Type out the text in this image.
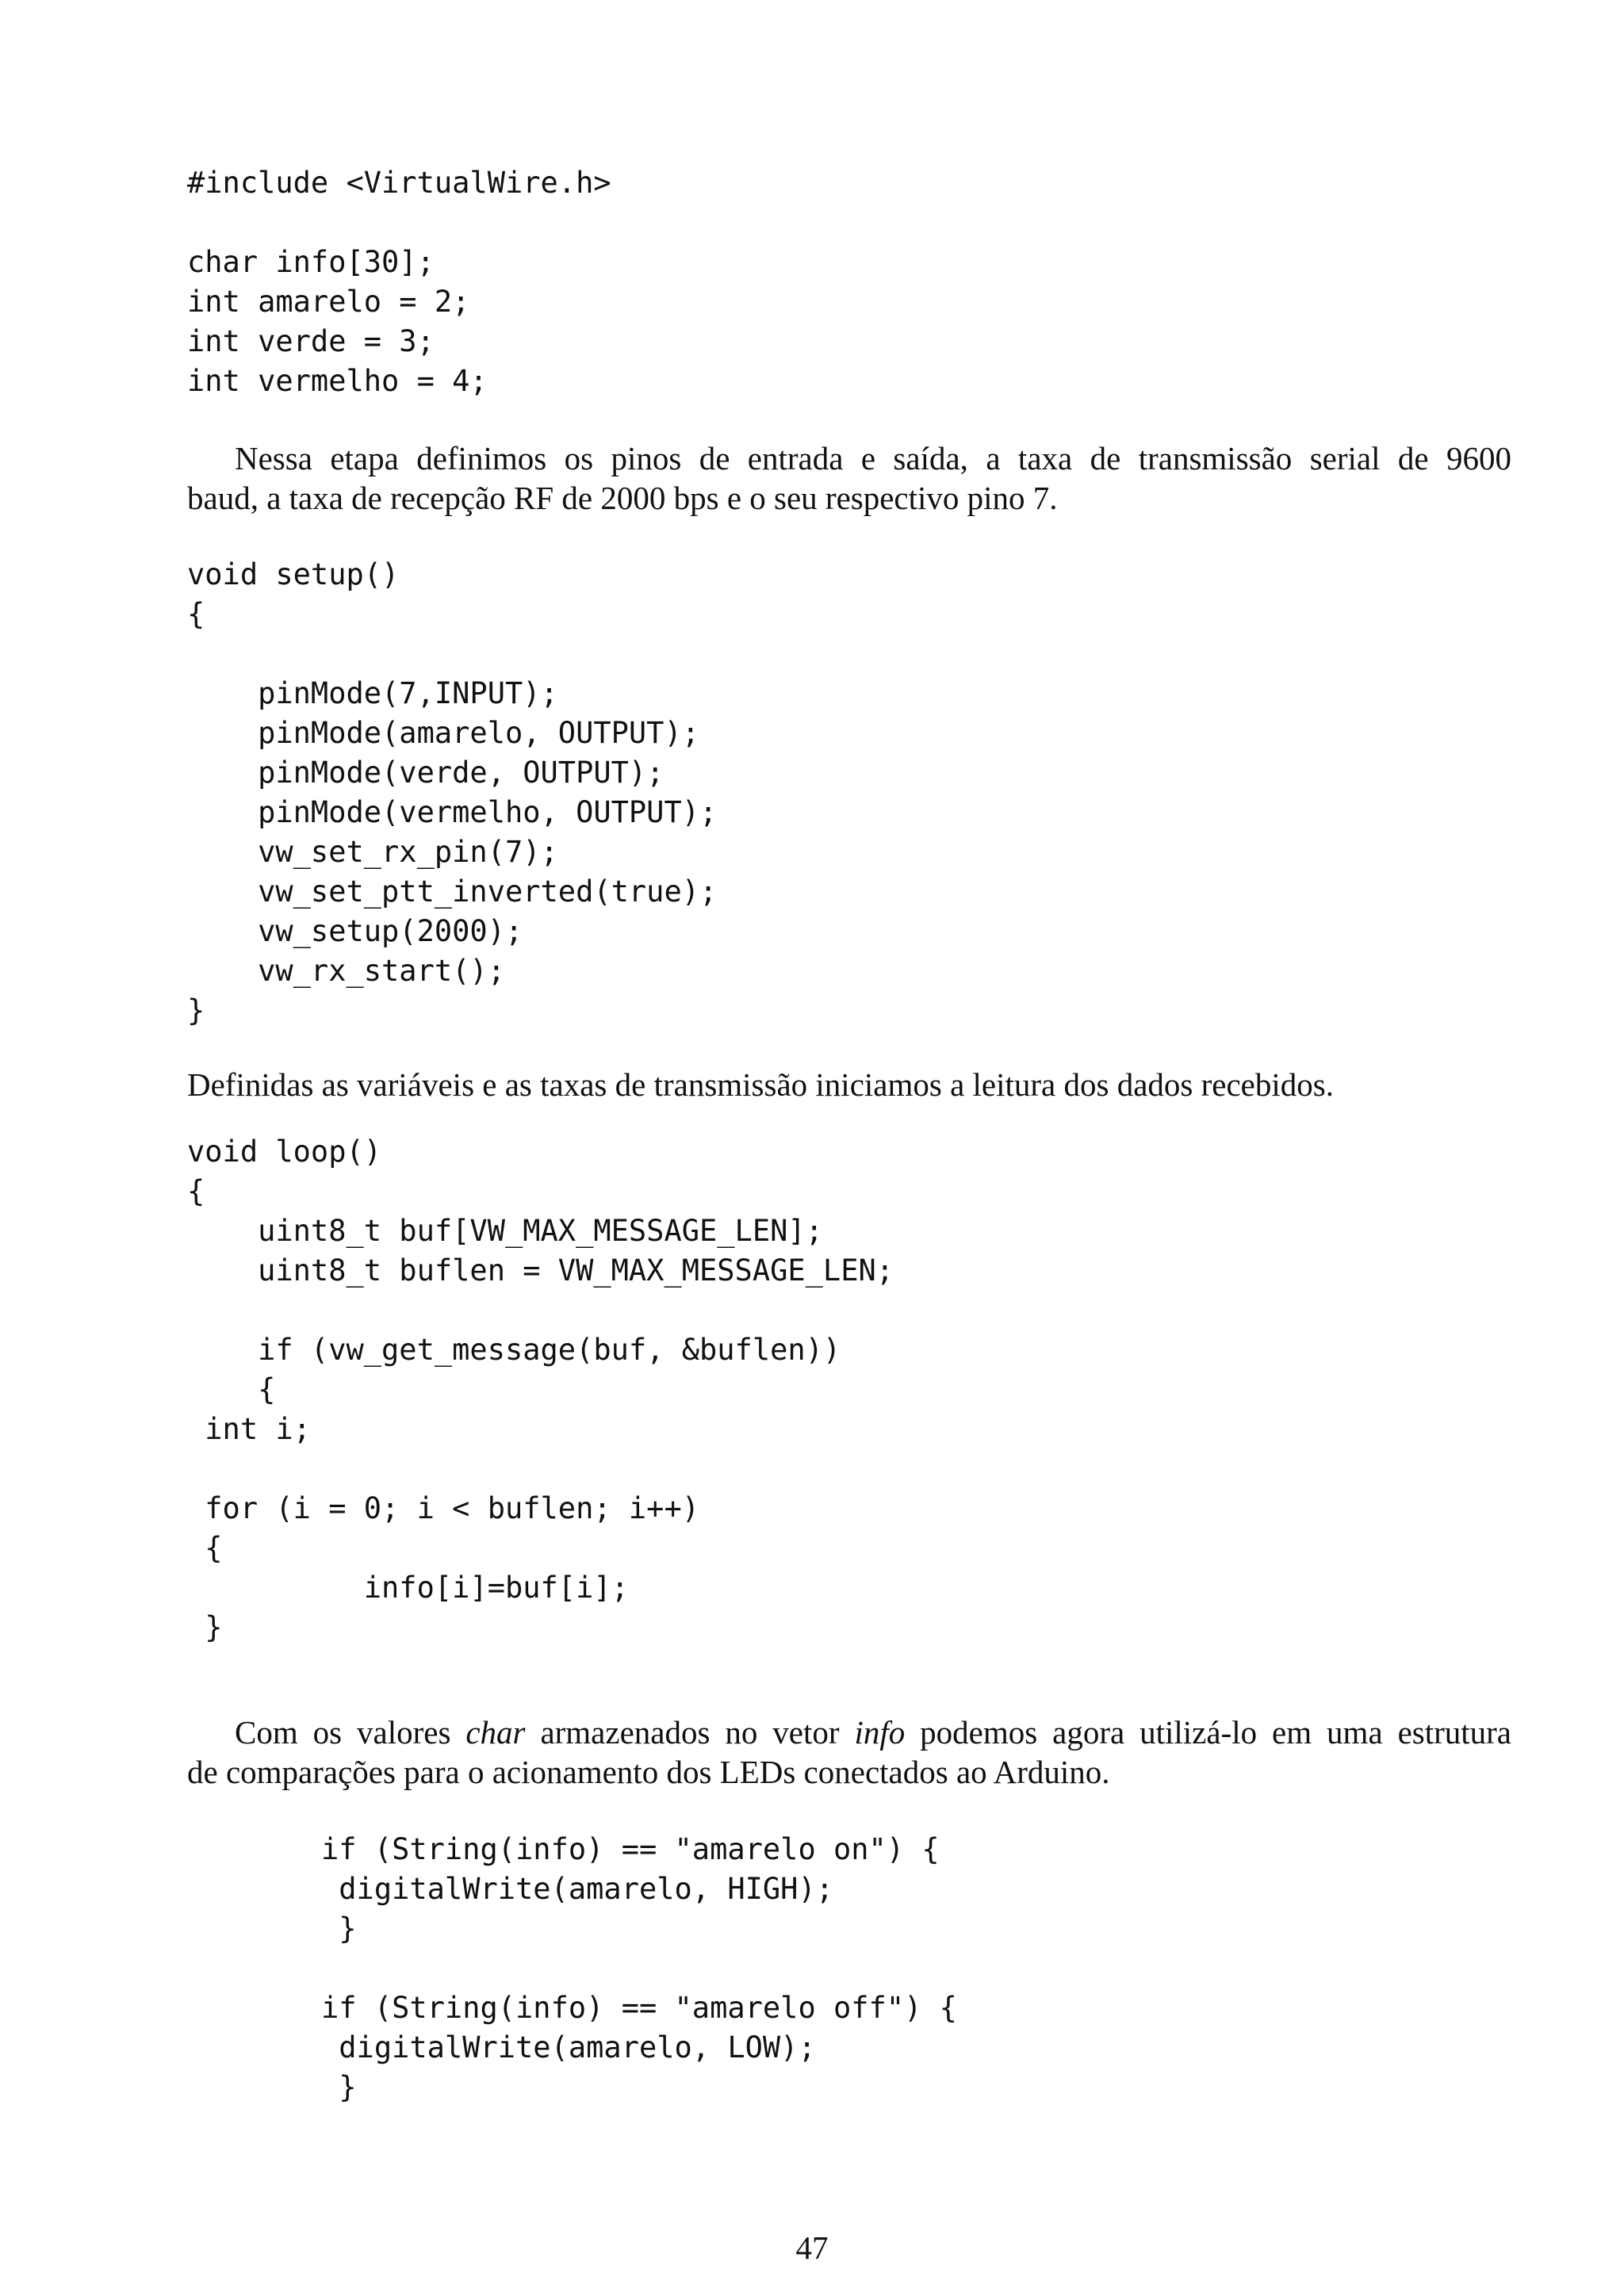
#include <VirtualWire.h>

char info[30];
int amarelo = 2;
int verde = 3;
int vermelho = 4;
Nessa etapa definimos os pinos de entrada e saída, a taxa de transmissão serial de 9600
baud, a taxa de recepção RF de 2000 bps e o seu respectivo pino 7.
void setup()
{

pinMode(7,INPUT);
pinMode(amarelo, OUTPUT);
pinMode(verde, OUTPUT);
pinMode(vermelho, OUTPUT);
vw_set_rx_pin(7);
vw_set_ptt_inverted(true);
vw_setup(2000);
vw_rx_start();
}
Definidas as variáveis e as taxas de transmissão iniciamos a leitura dos dados recebidos.
void loop()
{
uint8_t buf[VW_MAX_MESSAGE_LEN];
uint8_t buflen = VW_MAX_MESSAGE_LEN;

if (vw_get_message(buf, &buflen))
{
int i;

for (i = 0; i < buflen; i++)
{
info[i]=buf[i];
}
Com os valores char armazenados no vetor info podemos agora utilizá-lo em uma estrutura
de comparações para o acionamento dos LEDs conectados ao Arduino.
if (String(info) == "amarelo on") {
digitalWrite(amarelo, HIGH);
}

if (String(info) == "amarelo off") {
digitalWrite(amarelo, LOW);
}
47
